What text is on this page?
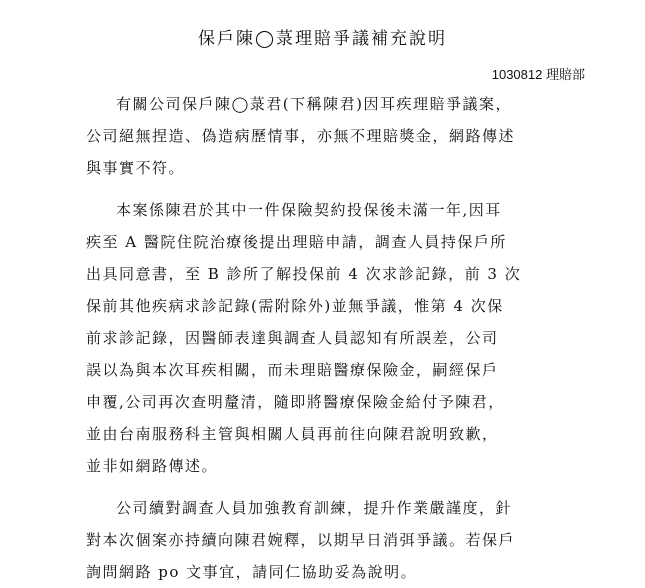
保戶陳◯菉理賠爭議補充說明
1030812 理賠部

有關公司保戶陳◯菉君(下稱陳君)因耳疾理賠爭議案，
公司絕無捏造、偽造病歷情事，亦無不理賠獎金，網路傳述
與事實不符。

本案係陳君於其中一件保險契約投保後未滿一年,因耳
疾至 A 醫院住院治療後提出理賠申請，調查人員持保戶所
出具同意書，至 B 診所了解投保前 4 次求診記錄，前 3 次
保前其他疾病求診記錄(需附除外)並無爭議，惟第 4 次保
前求診記錄，因醫師表達與調查人員認知有所誤差，公司
誤以為與本次耳疾相關，而未理賠醫療保險金，嗣經保戶
申覆,公司再次查明釐清，隨即將醫療保險金給付予陳君，
並由台南服務科主管與相關人員再前往向陳君說明致歉，
並非如網路傳述。

公司續對調查人員加強教育訓練，提升作業嚴謹度，針
對本次個案亦持續向陳君婉釋，以期早日消弭爭議。若保戶
詢問網路 po 文事宜，請同仁協助妥為說明。
